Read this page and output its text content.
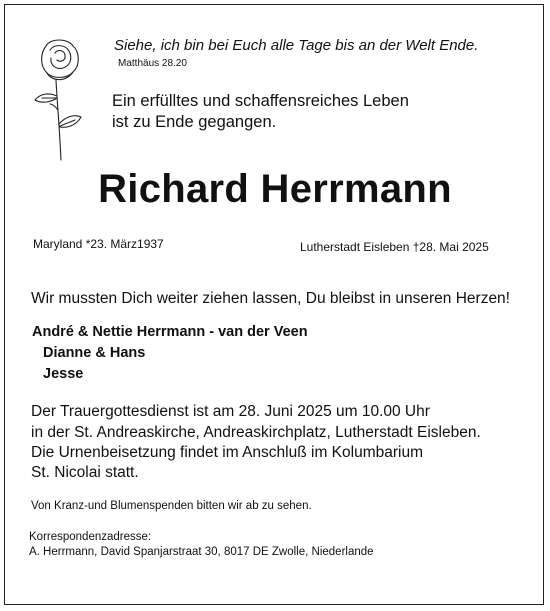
Siehe, ich bin bei Euch alle Tage bis an der Welt Ende.
Matthäus 28.20
Ein erfülltes und schaffensreiches Leben
ist zu Ende gegangen.
Richard Herrmann
Maryland *23. März1937	Lutherstadt Eisleben †28. Mai 2025
Wir mussten Dich weiter ziehen lassen, Du bleibst in unseren Herzen!
André & Nettie Herrmann - van der Veen
Dianne & Hans
Jesse
Der Trauergottesdienst ist am 28. Juni 2025 um 10.00 Uhr
in der St. Andreaskirche, Andreaskirchplatz, Lutherstadt Eisleben.
Die Urnenbeisetzung findet im Anschluß im Kolumbarium
St. Nicolai statt.
Von Kranz-und Blumenspenden bitten wir ab zu sehen.
Korrespondenzadresse:
A. Herrmann, David Spanjarstraat 30, 8017 DE Zwolle, Niederlande
